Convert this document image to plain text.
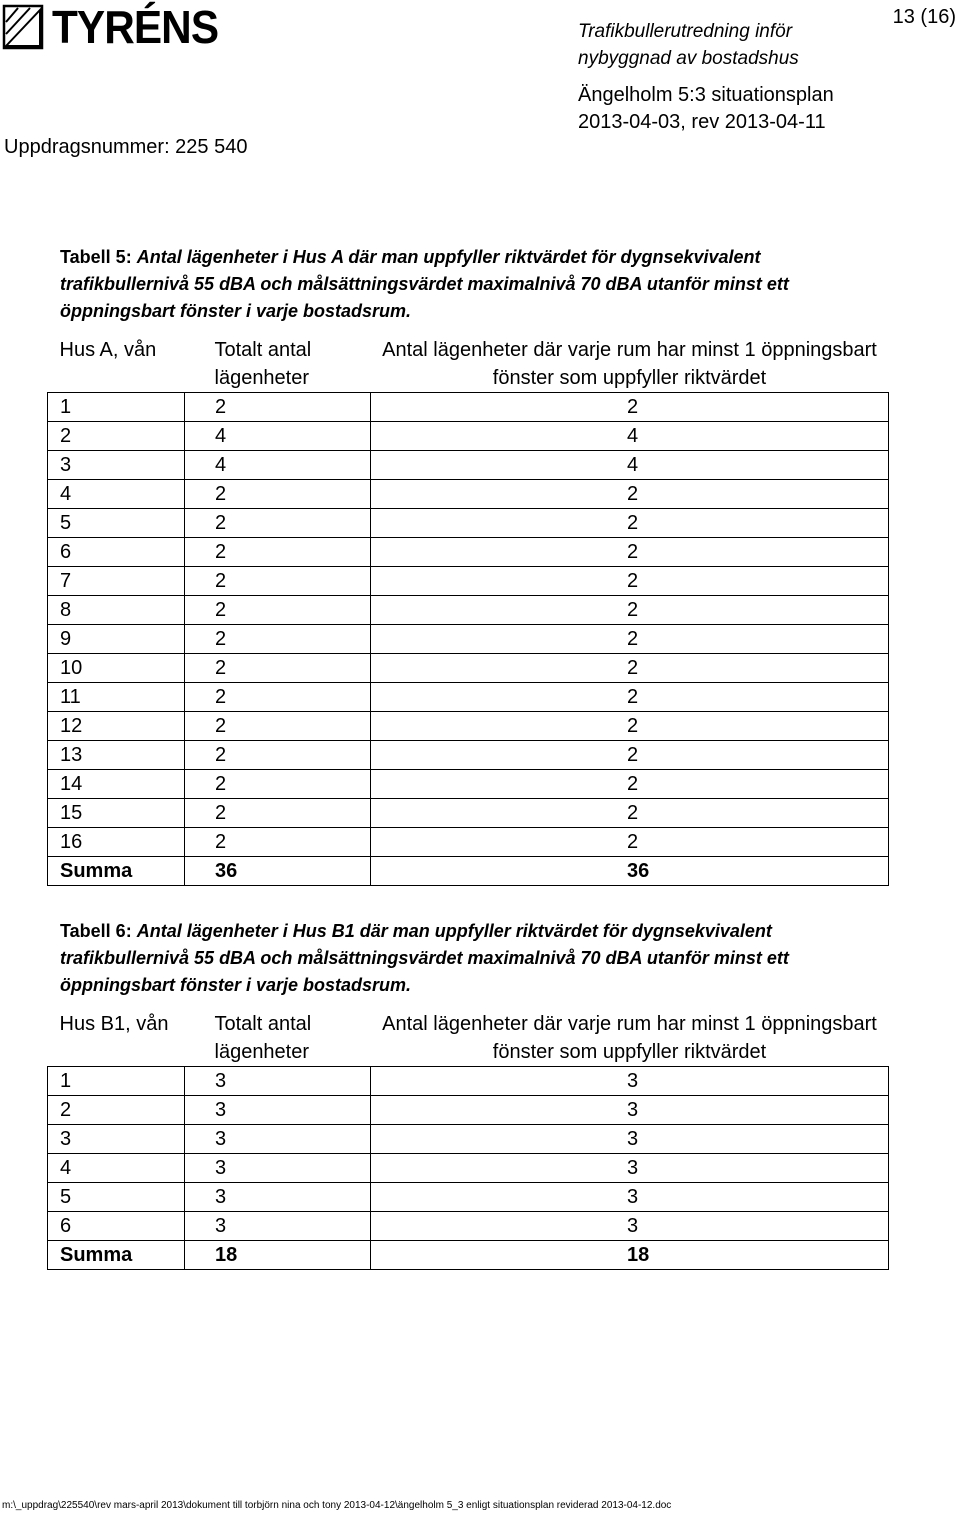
TYRÉNS	13 (16)
Trafikbullerutredning inför
nybyggnad av bostadshus
Ängelholm 5:3 situationsplan
2013-04-03, rev 2013-04-11
Uppdragsnummer: 225 540
Tabell 5: Antal lägenheter i Hus A där man uppfyller riktvärdet för dygnsekvivalent trafikbullernivå 55 dBA och målsättningsvärdet maximalnivå 70 dBA utanför minst ett öppningsbart fönster i varje bostadsrum.
Hus A, vån	Totalt antal lägenheter	Antal lägenheter där varje rum har minst 1 öppningsbart fönster som uppfyller riktvärdet
1	2	2
2	4	4
3	4	4
4	2	2
5	2	2
6	2	2
7	2	2
8	2	2
9	2	2
10	2	2
11	2	2
12	2	2
13	2	2
14	2	2
15	2	2
16	2	2
Summa	36	36
Tabell 6: Antal lägenheter i Hus B1 där man uppfyller riktvärdet för dygnsekvivalent trafikbullernivå 55 dBA och målsättningsvärdet maximalnivå 70 dBA utanför minst ett öppningsbart fönster i varje bostadsrum.
Hus B1, vån	Totalt antal lägenheter	Antal lägenheter där varje rum har minst 1 öppningsbart fönster som uppfyller riktvärdet
1	3	3
2	3	3
3	3	3
4	3	3
5	3	3
6	3	3
Summa	18	18
m:\_uppdrag\225540\rev mars-april 2013\dokument till torbjörn nina och tony 2013-04-12\ängelholm 5_3 enligt situationsplan reviderad 2013-04-12.doc
